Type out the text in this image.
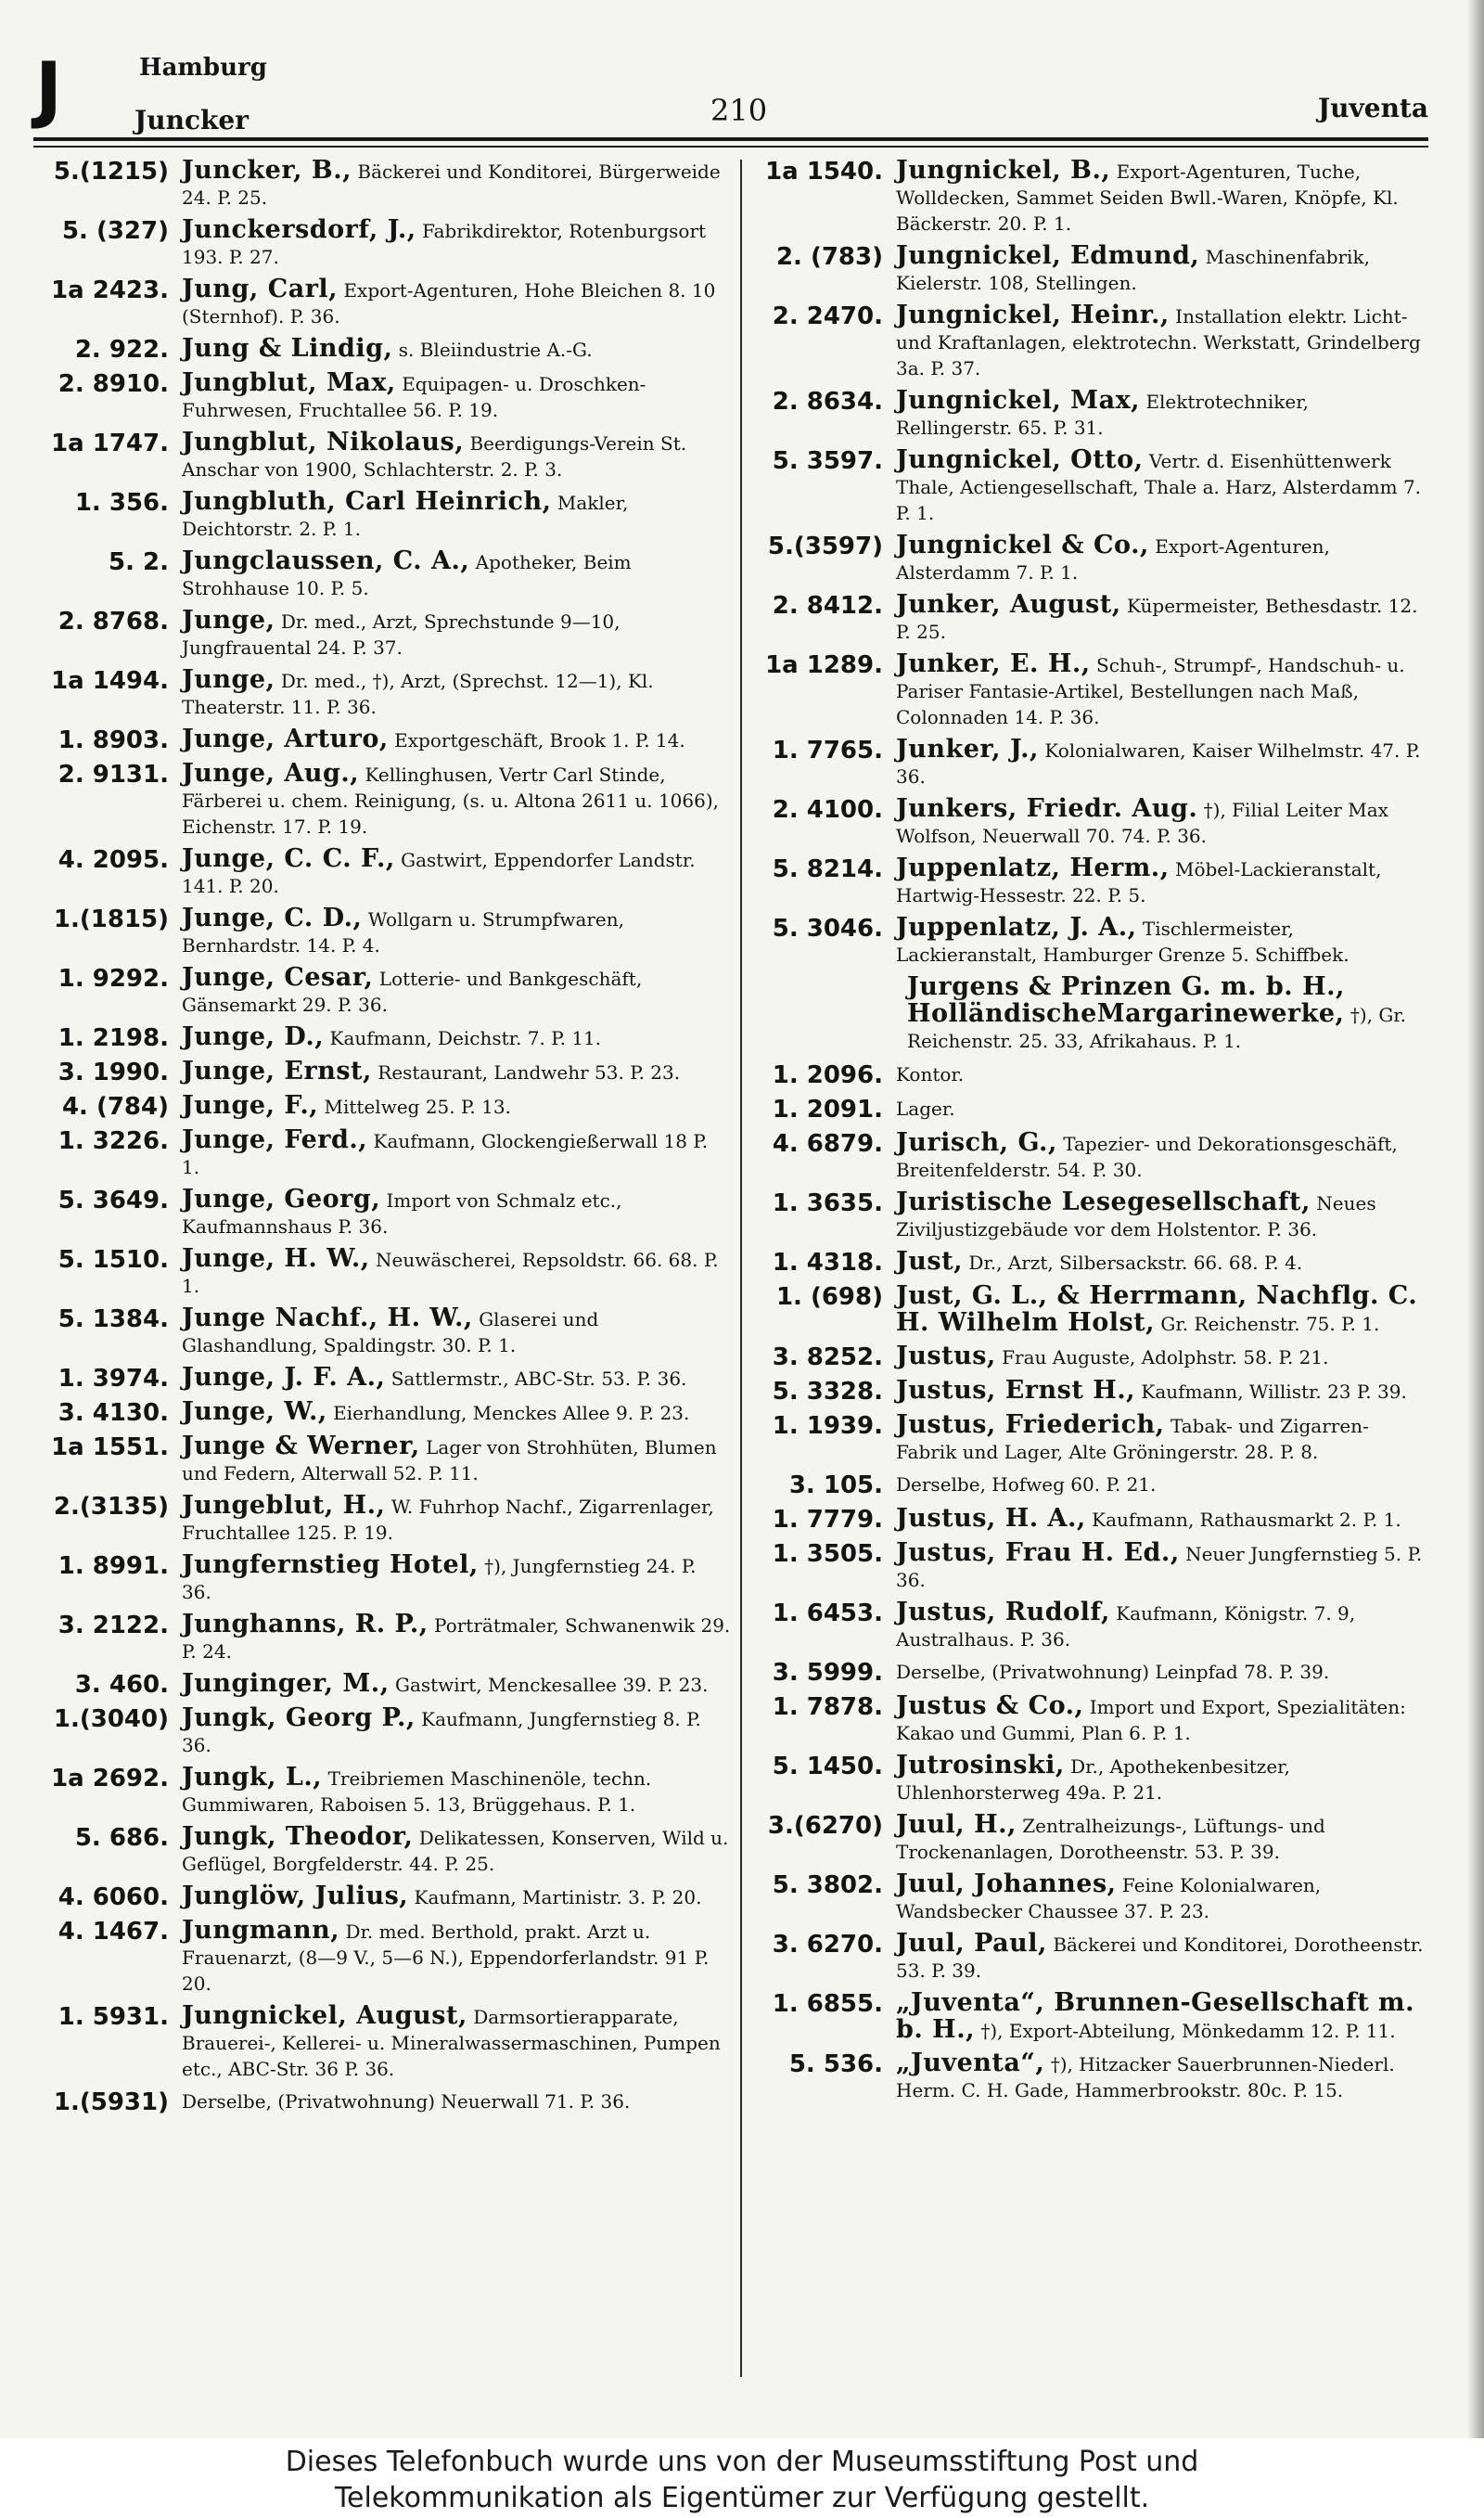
J	Hamburg
Juncker	210	Juventa
5.(1215) Juncker, B., Bäckerei und Konditorei, Bürgerweide 24. P. 25.
5. (327) Junckersdorf, J., Fabrikdirektor, Rotenburgsort 193. P. 27.
1a 2423. Jung, Carl, Export-Agenturen, Hohe Bleichen 8. 10 (Sternhof). P. 36.
2. 922. Jung & Lindig, s. Bleiindustrie A.-G.
2. 8910. Jungblut, Max, Equipagen- u. Droschken-Fuhrwesen, Fruchtallee 56. P. 19.
1a 1747. Jungblut, Nikolaus, Beerdigungs-Verein St. Anschar von 1900, Schlachterstr. 2. P. 3.
1. 356. Jungbluth, Carl Heinrich, Makler, Deichtorstr. 2. P. 1.
5. 2. Jungclaussen, C. A., Apotheker, Beim Strohhause 10. P. 5.
2. 8768. Junge, Dr. med., Arzt, Sprechstunde 9—10, Jungfrauental 24. P. 37.
1a 1494. Junge, Dr. med., †), Arzt, (Sprechst. 12—1), Kl. Theaterstr. 11. P. 36.
1. 8903. Junge, Arturo, Exportgeschäft, Brook 1. P. 14.
2. 9131. Junge, Aug., Kellinghusen, Vertr Carl Stinde, Färberei u. chem. Reinigung, (s. u. Altona 2611 u. 1066), Eichenstr. 17. P. 19.
4. 2095. Junge, C. C. F., Gastwirt, Eppendorfer Landstr. 141. P. 20.
1.(1815) Junge, C. D., Wollgarn u. Strumpfwaren, Bernhardstr. 14. P. 4.
1. 9292. Junge, Cesar, Lotterie- und Bankgeschäft, Gänsemarkt 29. P. 36.
1. 2198. Junge, D., Kaufmann, Deichstr. 7. P. 11.
3. 1990. Junge, Ernst, Restaurant, Landwehr 53. P. 23.
4. (784) Junge, F., Mittelweg 25. P. 13.
1. 3226. Junge, Ferd., Kaufmann, Glockengießerwall 18 P. 1.
5. 3649. Junge, Georg, Import von Schmalz etc., Kaufmannshaus P. 36.
5. 1510. Junge, H. W., Neuwäscherei, Repsoldstr. 66. 68. P. 1.
5. 1384. Junge Nachf., H. W., Glaserei und Glashandlung, Spaldingstr. 30. P. 1.
1. 3974. Junge, J. F. A., Sattlermstr., ABC-Str. 53. P. 36.
3. 4130. Junge, W., Eierhandlung, Menckes Allee 9. P. 23.
1a 1551. Junge & Werner, Lager von Strohhüten, Blumen und Federn, Alterwall 52. P. 11.
2.(3135) Jungeblut, H., W. Fuhrhop Nachf., Zigarrenlager, Fruchtallee 125. P. 19.
1. 8991. Jungfernstieg Hotel, †), Jungfernstieg 24. P. 36.
3. 2122. Junghanns, R. P., Porträtmaler, Schwanenwik 29. P. 24.
3. 460. Junginger, M., Gastwirt, Menckesallee 39. P. 23.
1.(3040) Jungk, Georg P., Kaufmann, Jungfernstieg 8. P. 36.
1a 2692. Jungk, L., Treibriemen Maschinenöle, techn. Gummiwaren, Raboisen 5. 13, Brüggehaus. P. 1.
5. 686. Jungk, Theodor, Delikatessen, Konserven, Wild u. Geflügel, Borgfelderstr. 44. P. 25.
4. 6060. Junglöw, Julius, Kaufmann, Martinistr. 3. P. 20.
4. 1467. Jungmann, Dr. med. Berthold, prakt. Arzt u. Frauenarzt, (8—9 V., 5—6 N.), Eppendorferlandstr. 91 P. 20.
1. 5931. Jungnickel, August, Darmsortierapparate, Brauerei-, Kellerei- u. Mineralwassermaschinen, Pumpen etc., ABC-Str. 36 P. 36.
1.(5931) Derselbe, (Privatwohnung) Neuerwall 71. P. 36.
1a 1540. Jungnickel, B., Export-Agenturen, Tuche, Wolldecken, Sammet Seiden Bwll.-Waren, Knöpfe, Kl. Bäckerstr. 20. P. 1.
2. (783) Jungnickel, Edmund, Maschinenfabrik, Kielerstr. 108, Stellingen.
2. 2470. Jungnickel, Heinr., Installation elektr. Licht- und Kraftanlagen, elektrotechn. Werkstatt, Grindelberg 3a. P. 37.
2. 8634. Jungnickel, Max, Elektrotechniker, Rellingerstr. 65. P. 31.
5. 3597. Jungnickel, Otto, Vertr. d. Eisenhüttenwerk Thale, Actiengesellschaft, Thale a. Harz, Alsterdamm 7. P. 1.
5.(3597) Jungnickel & Co., Export-Agenturen, Alsterdamm 7. P. 1.
2. 8412. Junker, August, Küpermeister, Bethesdastr. 12. P. 25.
1a 1289. Junker, E. H., Schuh-, Strumpf-, Handschuh- u. Pariser Fantasie-Artikel, Bestellungen nach Maß, Colonnaden 14. P. 36.
1. 7765. Junker, J., Kolonialwaren, Kaiser Wilhelmstr. 47. P. 36.
2. 4100. Junkers, Friedr. Aug. †), Filial Leiter Max Wolfson, Neuerwall 70. 74. P. 36.
5. 8214. Juppenlatz, Herm., Möbel-Lackieranstalt, Hartwig-Hessestr. 22. P. 5.
5. 3046. Juppenlatz, J. A., Tischlermeister, Lackieranstalt, Hamburger Grenze 5. Schiffbek.
Jurgens & Prinzen G. m. b. H., HolländischeMargarinewerke, †), Gr. Reichenstr. 25. 33, Afrikahaus. P. 1.
1. 2096. Kontor.
1. 2091. Lager.
4. 6879. Jurisch, G., Tapezier- und Dekorationsgeschäft, Breitenfelderstr. 54. P. 30.
1. 3635. Juristische Lesegesellschaft, Neues Ziviljustizgebäude vor dem Holstentor. P. 36.
1. 4318. Just, Dr., Arzt, Silbersackstr. 66. 68. P. 4.
1. (698) Just, G. L., & Herrmann, Nachflg. C. H. Wilhelm Holst, Gr. Reichenstr. 75. P. 1.
3. 8252. Justus, Frau Auguste, Adolphstr. 58. P. 21.
5. 3328. Justus, Ernst H., Kaufmann, Willistr. 23 P. 39.
1. 1939. Justus, Friederich, Tabak- und Zigarren-Fabrik und Lager, Alte Gröningerstr. 28. P. 8.
3. 105. Derselbe, Hofweg 60. P. 21.
1. 7779. Justus, H. A., Kaufmann, Rathausmarkt 2. P. 1.
1. 3505. Justus, Frau H. Ed., Neuer Jungfernstieg 5. P. 36.
1. 6453. Justus, Rudolf, Kaufmann, Königstr. 7. 9, Australhaus. P. 36.
3. 5999. Derselbe, (Privatwohnung) Leinpfad 78. P. 39.
1. 7878. Justus & Co., Import und Export, Spezialitäten: Kakao und Gummi, Plan 6. P. 1.
5. 1450. Jutrosinski, Dr., Apothekenbesitzer, Uhlenhorsterweg 49a. P. 21.
3.(6270) Juul, H., Zentralheizungs-, Lüftungs- und Trockenanlagen, Dorotheenstr. 53. P. 39.
5. 3802. Juul, Johannes, Feine Kolonialwaren, Wandsbecker Chaussee 37. P. 23.
3. 6270. Juul, Paul, Bäckerei und Konditorei, Dorotheenstr. 53. P. 39.
1. 6855. „Juventa“, Brunnen-Gesellschaft m. b. H., †), Export-Abteilung, Mönkedamm 12. P. 11.
5. 536. „Juventa“, †), Hitzacker Sauerbrunnen-Niederl. Herm. C. H. Gade, Hammerbrookstr. 80c. P. 15.
Dieses Telefonbuch wurde uns von der Museumsstiftung Post und
Telekommunikation als Eigentümer zur Verfügung gestellt.
